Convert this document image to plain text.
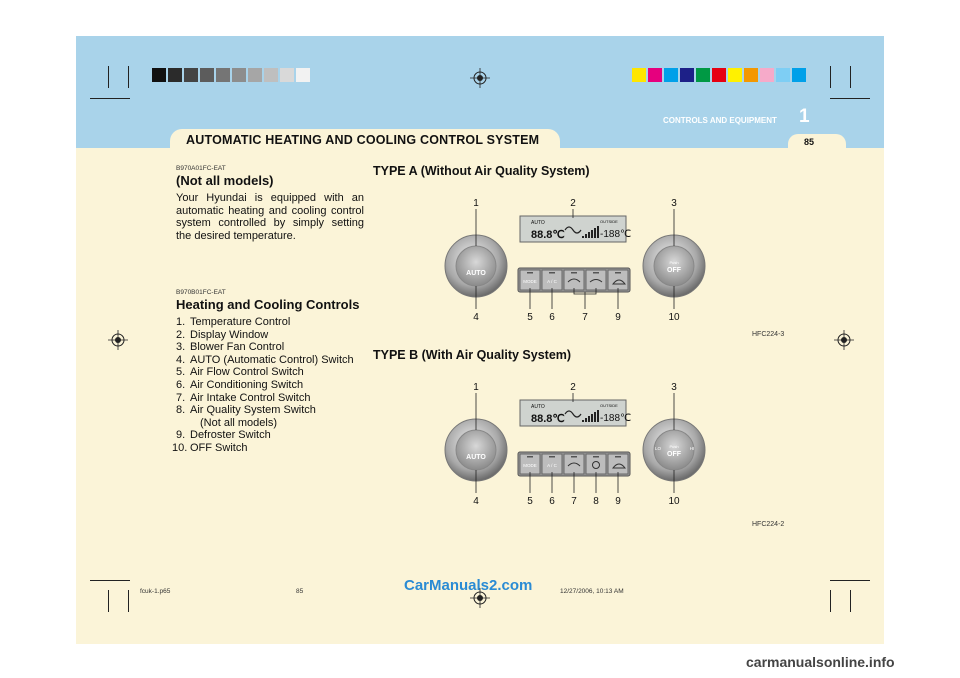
CONTROLS AND EQUIPMENT 1
85
AUTOMATIC HEATING AND COOLING CONTROL SYSTEM
B970A01FC-EAT
(Not all models)

Your Hyundai is equipped with an automatic heating and cooling control system controlled by simply setting the desired temperature.

B970B01FC-EAT
Heating and Cooling Controls
1. Temperature Control
2. Display Window
3. Blower Fan Control
4. AUTO (Automatic Control) Switch
5. Air Flow Control Switch
6. Air Conditioning Switch
7. Air Intake Control Switch
8. Air Quality System Switch
(Not all models)
9. Defroster Switch
10. OFF Switch
TYPE A (Without Air Quality System)
AUTO
Push
OFF
AUTO
88.8℃
OUTSIDE
-188℃
MODE A / C
1	2	3
4	5 6	7	9	10
HFC224-3
TYPE B (With Air Quality System)
AUTO
Push
OFF
LO	HI
AUTO
88.8℃
OUTSIDE
-188℃
MODE A / C
1	2	3
4	5 6 7 8 9	10
HFC224-2
fcuk-1.p65	85	12/27/2006, 10:13 AM
CarManuals2.com
carmanualsonline.info
